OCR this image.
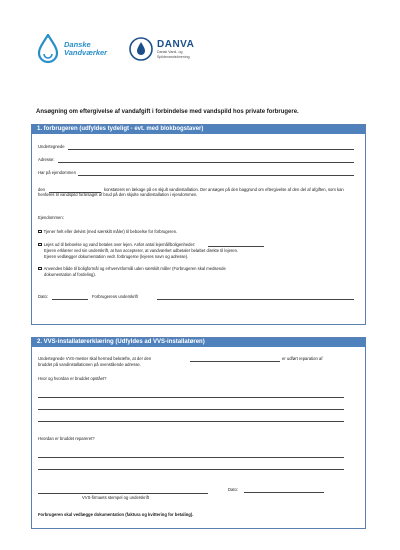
Danske
Vandværker
DANVA
Dansk Vand- og
Spildevandsforening
Ansøgning om eftergivelse af vandafgift i forbindelse med vandspild hos private forbrugere.
1. forbrugeren (udfyldes tydeligt - evt. med blokbogstaver)
Undertegnede
Adresse:
Har på ejendommen
den	konstateret en lækage på en skjult vandinstallation. Der ansøges på den baggrund om eftergivelse af den del af afgiften, som kan henføres til vandspild forårsaget af brud på den skjulte vandinstallation i ejendommen.
Ejendommen:
Tjener helt eller delvist (med særskilt måler) til beboelse for forbrugeren.
Lejes ud til beboelse og vand betales over lejen. Anfør antal lejemål/boligenheder:
Ejeren erklærer ved sin underskrift, at han accepterer, at vandværket udbetaler beløbet direkte til lejeren.
Ejeren vedlægger dokumentation vedr. forbrugerne (lejeres navn og adresse).
Anvendes både til boligformål og erhvervsformål uden særskilt måler (Forbrugeren skal medsende
dokumentation af fordeling).
Dato:	Forbrugerens underskrift
2. VVS-installatørerklæring (Udfyldes ad VVS-installatøren)
Undertegnede VVS-mester skal hermed bekræfte, at der den	er udført reparation af
bruddet på vandinstallationen på ovenstående adresse.
Hvor og hvordan er bruddet opstået?
Hvordan er bruddet repareret?
Dato:
VVS-firmaets stempel og underskrift
Forbrugeren skal vedlægge dokumentation (faktura og kvittering for betaling).
